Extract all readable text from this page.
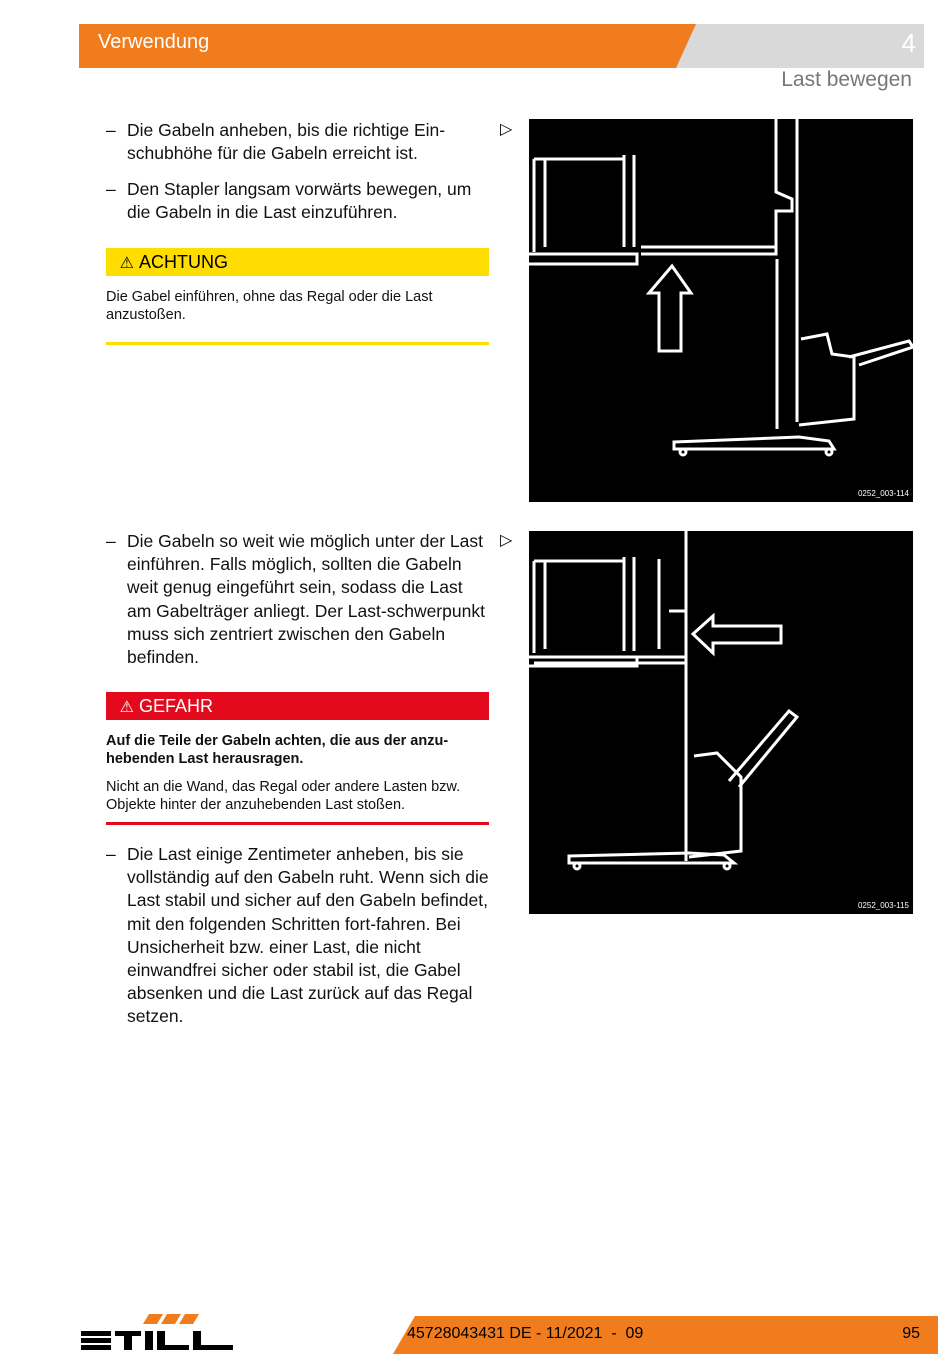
Verwendung	4
Last bewegen
– Die Gabeln anheben, bis die richtige Ein-schubhöhe für die Gabeln erreicht ist.
– Den Stapler langsam vorwärts bewegen, um die Gabeln in die Last einzuführen.
⚠ ACHTUNG
Die Gabel einführen, ohne das Regal oder die Last anzustoßen.
– Die Gabeln so weit wie möglich unter der Last einführen. Falls möglich, sollten die Gabeln weit genug eingeführt sein, sodass die Last am Gabelträger anliegt. Der Last-schwerpunkt muss sich zentriert zwischen den Gabeln befinden.
⚠ GEFAHR
Auf die Teile der Gabeln achten, die aus der anzu-hebenden Last herausragen.
Nicht an die Wand, das Regal oder andere Lasten bzw. Objekte hinter der anzuhebenden Last stoßen.
– Die Last einige Zentimeter anheben, bis sie vollständig auf den Gabeln ruht. Wenn sich die Last stabil und sicher auf den Gabeln befindet, mit den folgenden Schritten fort-fahren. Bei Unsicherheit bzw. einer Last, die nicht einwandfrei sicher oder stabil ist, die Gabel absenken und die Last zurück auf das Regal setzen.
▷
▷
0252_003-114
0252_003-115
45728043431 DE - 11/2021  -  09	95
